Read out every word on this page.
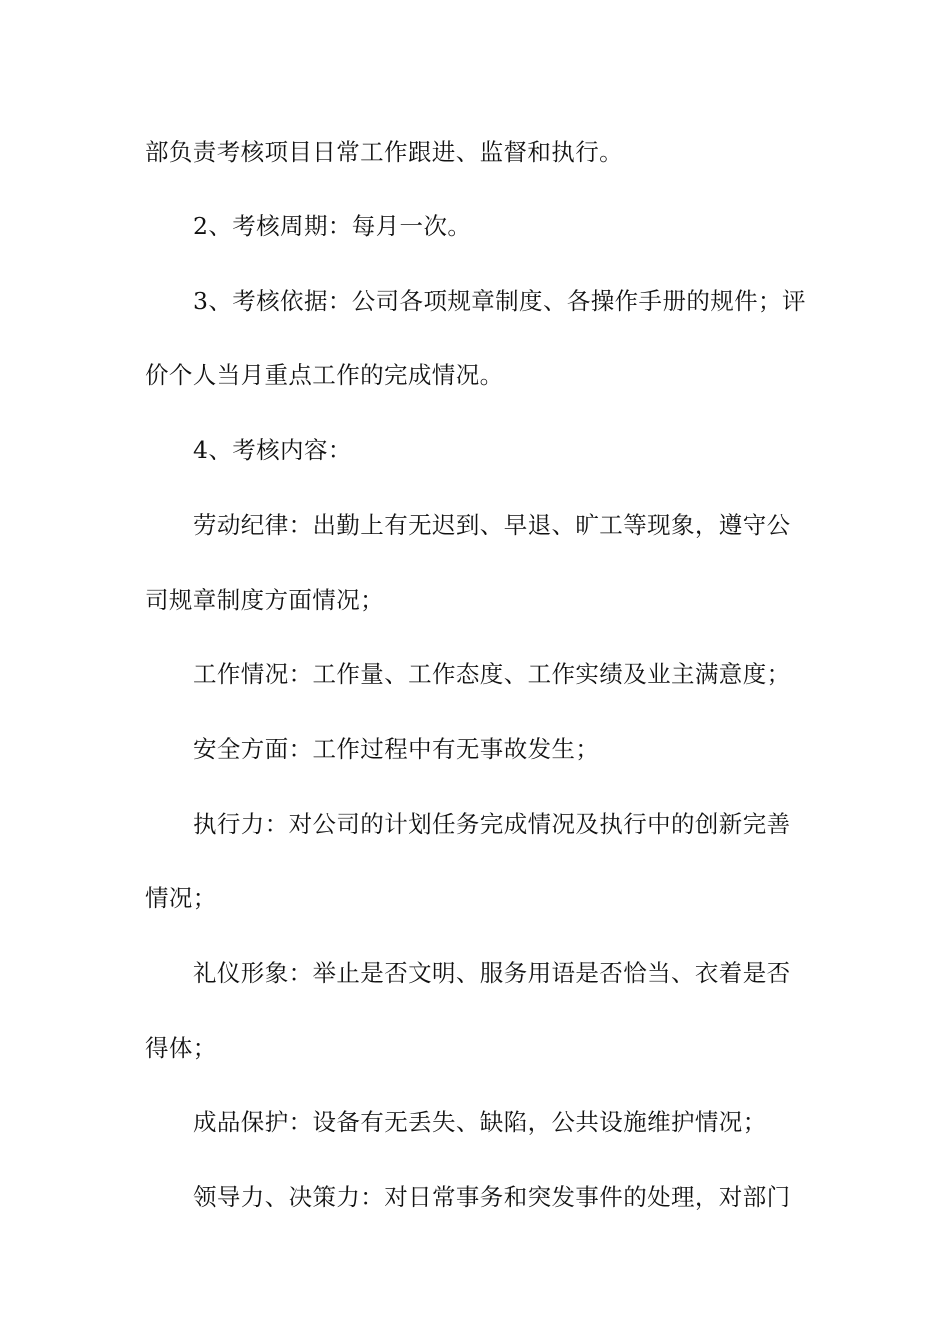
部负责考核项目日常工作跟进、监督和执行。
2、考核周期：每月一次。
3、考核依据：公司各项规章制度、各操作手册的规件；评
价个人当月重点工作的完成情况。
4、考核内容：
劳动纪律：出勤上有无迟到、早退、旷工等现象，遵守公
司规章制度方面情况；
工作情况：工作量、工作态度、工作实绩及业主满意度；
安全方面：工作过程中有无事故发生；
执行力：对公司的计划任务完成情况及执行中的创新完善
情况；
礼仪形象：举止是否文明、服务用语是否恰当、衣着是否
得体；
成品保护：设备有无丢失、缺陷，公共设施维护情况；
领导力、决策力：对日常事务和突发事件的处理，对部门
